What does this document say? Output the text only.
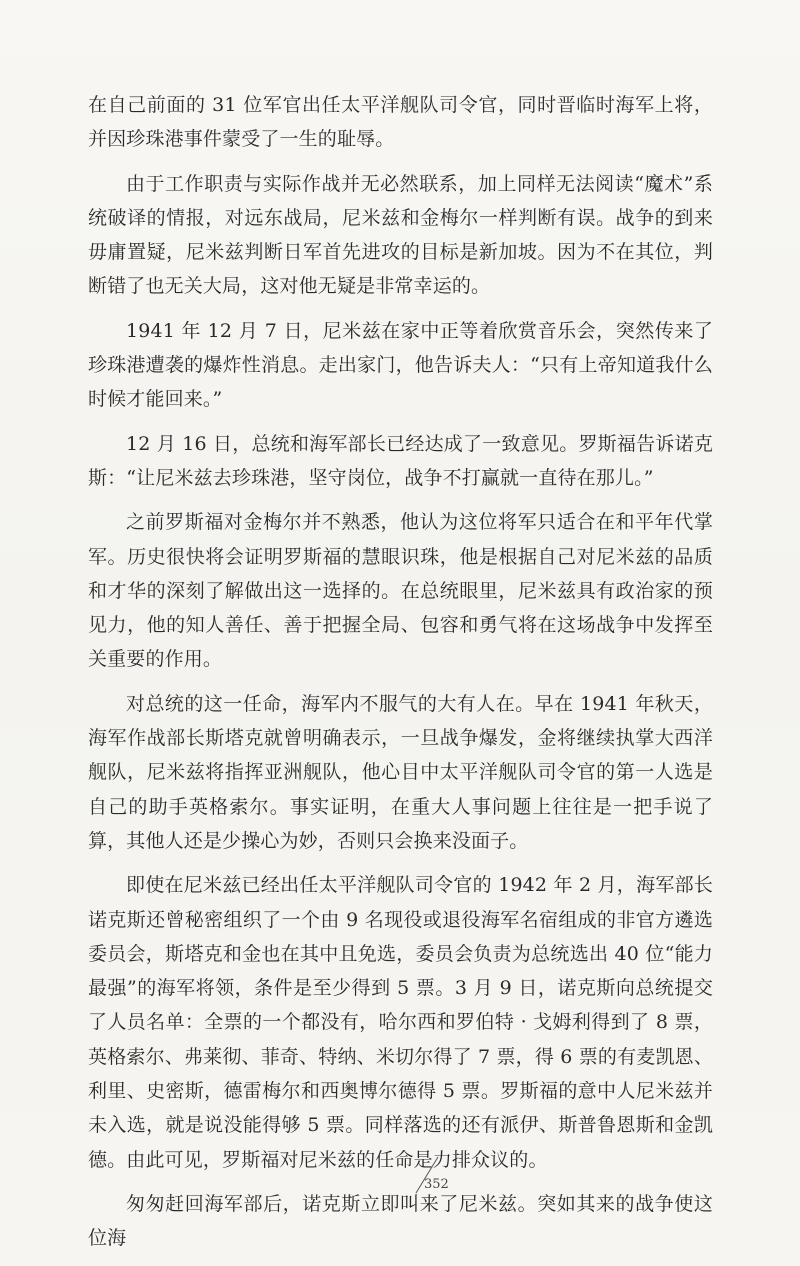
在自己前面的 31 位军官出任太平洋舰队司令官，同时晋临时海军上将，并因珍珠港事件蒙受了一生的耻辱。

由于工作职责与实际作战并无必然联系，加上同样无法阅读“魔术”系统破译的情报，对远东战局，尼米兹和金梅尔一样判断有误。战争的到来毋庸置疑，尼米兹判断日军首先进攻的目标是新加坡。因为不在其位，判断错了也无关大局，这对他无疑是非常幸运的。

1941 年 12 月 7 日，尼米兹在家中正等着欣赏音乐会，突然传来了珍珠港遭袭的爆炸性消息。走出家门，他告诉夫人：“只有上帝知道我什么时候才能回来。”

12 月 16 日，总统和海军部长已经达成了一致意见。罗斯福告诉诺克斯：“让尼米兹去珍珠港，坚守岗位，战争不打赢就一直待在那儿。”

之前罗斯福对金梅尔并不熟悉，他认为这位将军只适合在和平年代掌军。历史很快将会证明罗斯福的慧眼识珠，他是根据自己对尼米兹的品质和才华的深刻了解做出这一选择的。在总统眼里，尼米兹具有政治家的预见力，他的知人善任、善于把握全局、包容和勇气将在这场战争中发挥至关重要的作用。

对总统的这一任命，海军内不服气的大有人在。早在 1941 年秋天，海军作战部长斯塔克就曾明确表示，一旦战争爆发，金将继续执掌大西洋舰队，尼米兹将指挥亚洲舰队，他心目中太平洋舰队司令官的第一人选是自己的助手英格索尔。事实证明，在重大人事问题上往往是一把手说了算，其他人还是少操心为妙，否则只会换来没面子。

即使在尼米兹已经出任太平洋舰队司令官的 1942 年 2 月，海军部长诺克斯还曾秘密组织了一个由 9 名现役或退役海军名宿组成的非官方遴选委员会，斯塔克和金也在其中且免选，委员会负责为总统选出 40 位“能力最强”的海军将领，条件是至少得到 5 票。3 月 9 日，诺克斯向总统提交了人员名单：全票的一个都没有，哈尔西和罗伯特 · 戈姆利得到了 8 票，英格索尔、弗莱彻、菲奇、特纳、米切尔得了 7 票，得 6 票的有麦凯恩、利里、史密斯，德雷梅尔和西奥博尔德得 5 票。罗斯福的意中人尼米兹并未入选，就是说没能得够 5 票。同样落选的还有派伊、斯普鲁恩斯和金凯德。由此可见，罗斯福对尼米兹的任命是力排众议的。

匆匆赶回海军部后，诺克斯立即叫来了尼米兹。突如其来的战争使这位海

352
